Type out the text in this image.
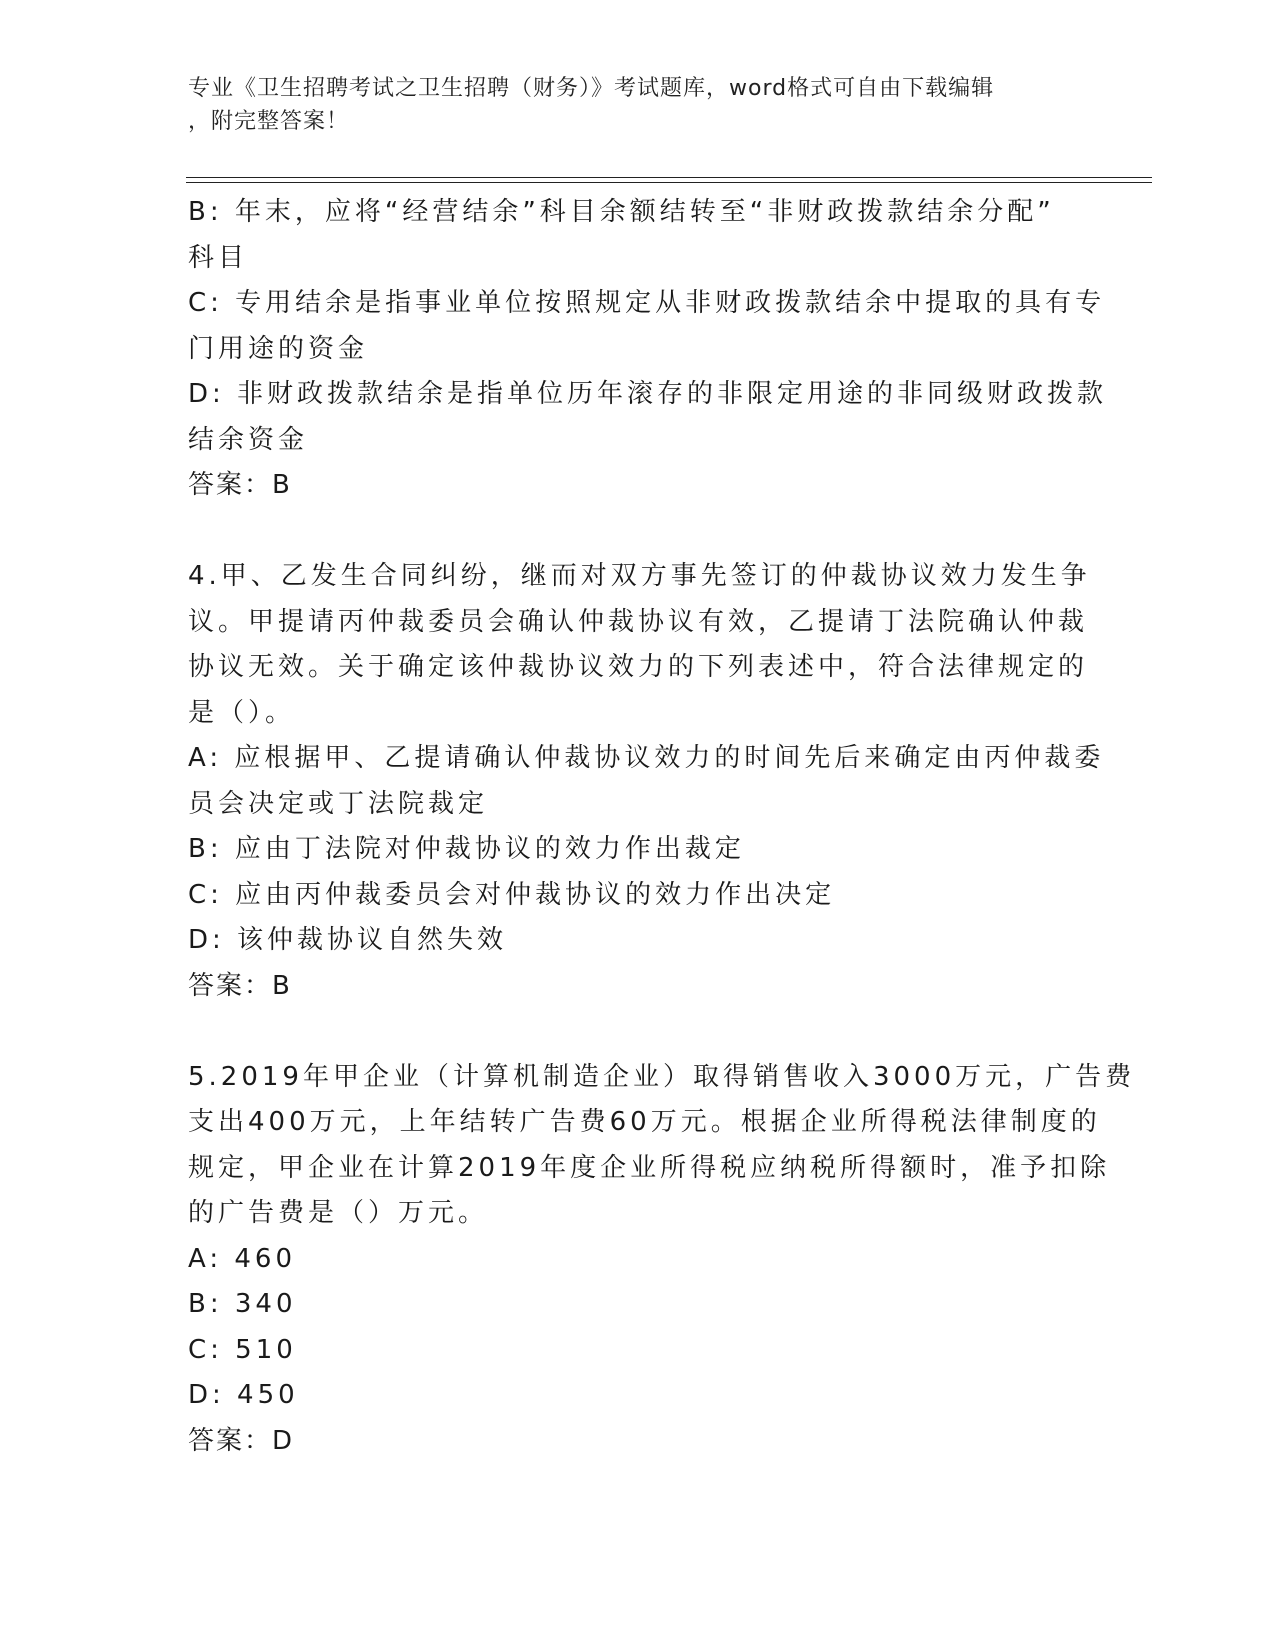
专业《卫生招聘考试之卫生招聘（财务）》考试题库，word格式可自由下载编辑
，附完整答案！
B: 年末，应将“经营结余”科目余额结转至“非财政拨款结余分配”
科目
C: 专用结余是指事业单位按照规定从非财政拨款结余中提取的具有专
门用途的资金
D: 非财政拨款结余是指单位历年滚存的非限定用途的非同级财政拨款
结余资金
答案：B
4.甲、乙发生合同纠纷，继而对双方事先签订的仲裁协议效力发生争
议。甲提请丙仲裁委员会确认仲裁协议有效，乙提请丁法院确认仲裁
协议无效。关于确定该仲裁协议效力的下列表述中，符合法律规定的
是（）。
A: 应根据甲、乙提请确认仲裁协议效力的时间先后来确定由丙仲裁委
员会决定或丁法院裁定
B: 应由丁法院对仲裁协议的效力作出裁定
C: 应由丙仲裁委员会对仲裁协议的效力作出决定
D: 该仲裁协议自然失效
答案：B
5.2019年甲企业（计算机制造企业）取得销售收入3000万元，广告费
支出400万元，上年结转广告费60万元。根据企业所得税法律制度的
规定，甲企业在计算2019年度企业所得税应纳税所得额时，准予扣除
的广告费是（）万元。
A: 460
B: 340
C: 510
D: 450
答案：D
